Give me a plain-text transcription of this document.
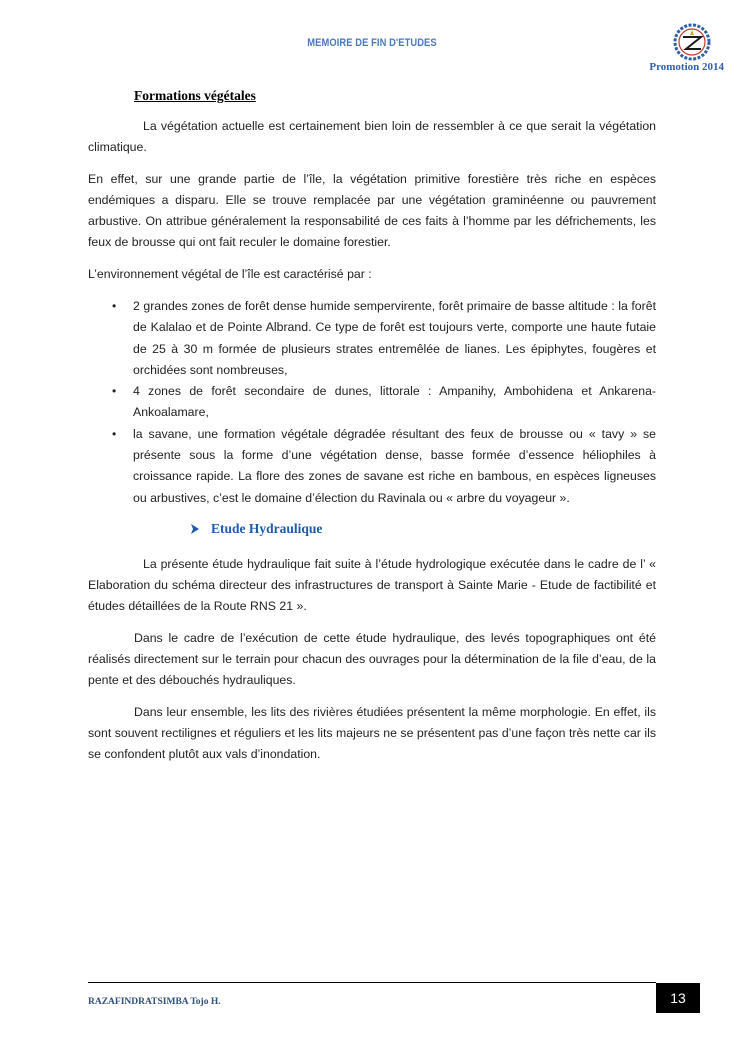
MEMOIRE DE FIN D'ETUDES
Promotion 2014
Formations végétales

La végétation actuelle est certainement bien loin de ressembler à ce que serait la végétation climatique.

En effet, sur une grande partie de l’île, la végétation primitive forestière très riche en espèces endémiques a disparu. Elle se trouve remplacée par une végétation graminéenne ou pauvrement arbustive. On attribue généralement la responsabilité de ces faits à l’homme par les défrichements, les feux de brousse qui ont fait reculer le domaine forestier.

L’environnement végétal de l’île est caractérisé par :

• 2 grandes zones de forêt dense humide sempervirente, forêt primaire de basse altitude : la forêt de Kalalao et de Pointe Albrand. Ce type de forêt est toujours verte, comporte une haute futaie de 25 à 30 m formée de plusieurs strates entremêlée de lianes. Les épiphytes, fougères et orchidées sont nombreuses,
• 4 zones de forêt secondaire de dunes, littorale : Ampanihy, Ambohidena et Ankarena-Ankoalamare,
• la savane, une formation végétale dégradée résultant des feux de brousse ou « tavy » se présente sous la forme d’une végétation dense, basse formée d’essence héliophiles à croissance rapide. La flore des zones de savane est riche en bambous, en espèces ligneuses ou arbustives, c’est le domaine d’élection du Ravinala ou « arbre du voyageur ».
Etude Hydraulique

La présente étude hydraulique fait suite à l’étude hydrologique exécutée dans le cadre de l’ « Elaboration du schéma directeur des infrastructures de transport à Sainte Marie - Etude de factibilité et études détaillées de la Route RNS 21 ».

Dans le cadre de l’exécution de cette étude hydraulique, des levés topographiques ont été réalisés directement sur le terrain pour chacun des ouvrages pour la détermination de la file d’eau, de la pente et des débouchés hydrauliques.

Dans leur ensemble, les lits des rivières étudiées présentent la même morphologie. En effet, ils sont souvent rectilignes et réguliers et les lits majeurs ne se présentent pas d’une façon très nette car ils se confondent plutôt aux vals d’inondation.

RAZAFINDRATSIMBA Tojo H.	13
